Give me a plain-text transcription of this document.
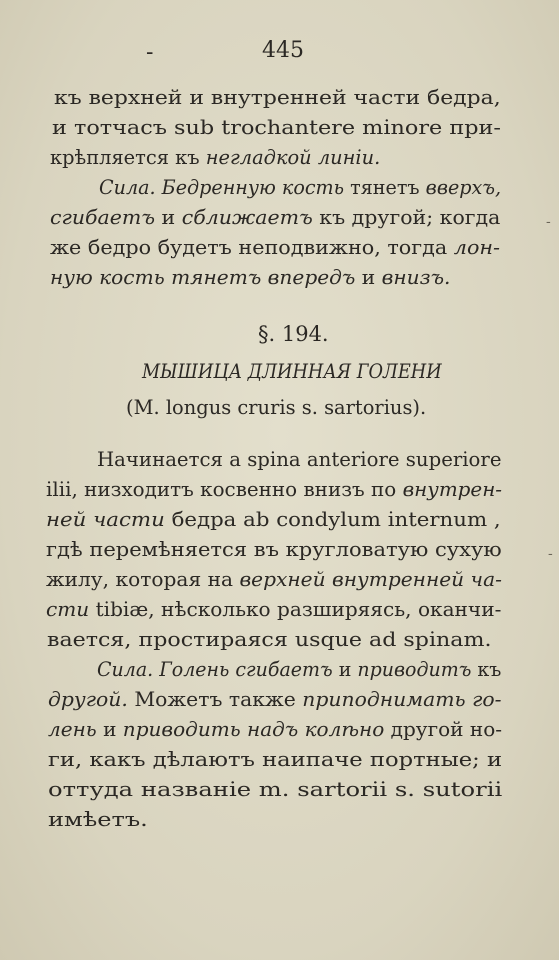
-	445
§. 194.
-
-
къ верхней и внутренней части бедра,
и тотчасъ sub trochantere minore при-
крѣпляется къ негладкой линіи.
Сила. Бедренную кость тянетъ вверхъ,
сгибаетъ и сближаетъ къ другой; когда
же бедро будетъ неподвижно, тогда лон-
ную кость тянетъ впередъ и внизъ.
МЫШИЦА ДЛИННАЯ ГОЛЕНИ
(M. longus cruris s. sartorius).
Начинается a spina anteriore superiore
ilii, низходитъ косвенно внизъ по внутрен-
ней части бедра ab condylum internum ,
гдѣ перемѣняется въ кругловатую сухую
жилу, которая на верхней внутренней ча-
сти tibiæ, нѣсколько разширяясь, оканчи-
вается, простираяся usque ad spinam.
Сила. Голень сгибаетъ и приводитъ къ
другой. Можетъ также приподнимать го-
лень и приводить надъ колѣно другой но-
ги, какъ дѣлаютъ наипаче портные; и
оттуда названіе m. sartorii s. sutorii
имѣетъ.
